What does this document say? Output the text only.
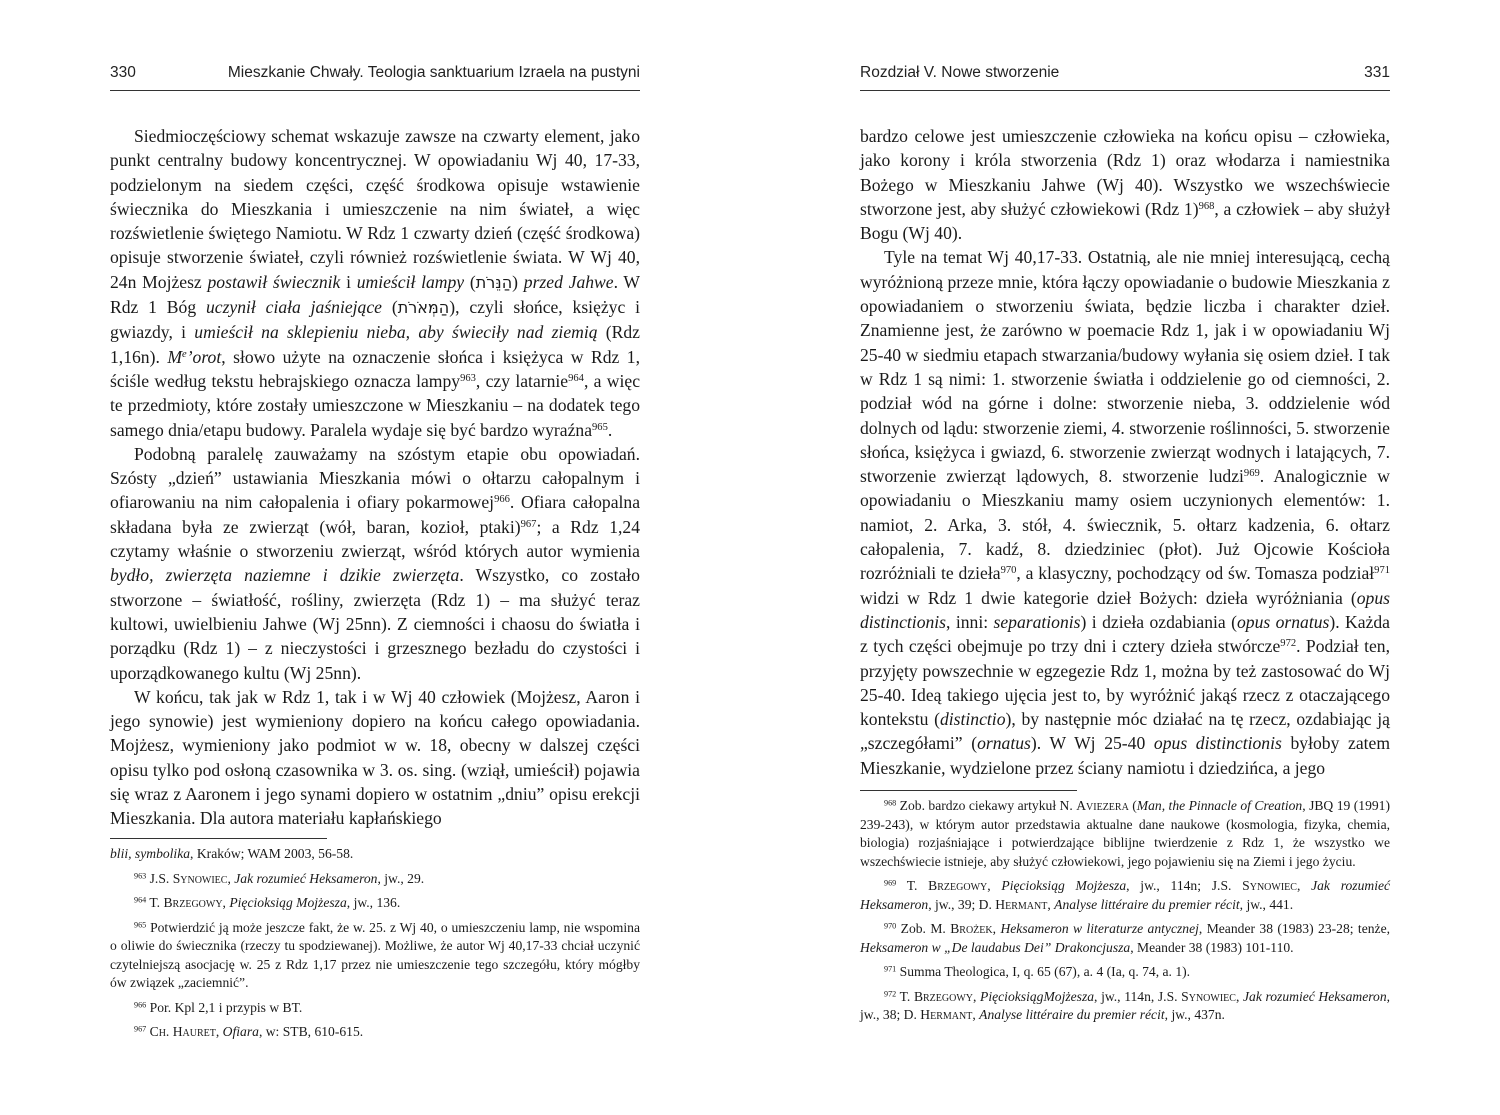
330	Mieszkanie Chwały. Teologia sanktuarium Izraela na pustyni

Siedmioczęściowy schemat wskazuje zawsze na czwarty element, jako punkt centralny budowy koncentrycznej. W opowiadaniu Wj 40, 17-33, podzielonym na siedem części, część środkowa opisuje wstawienie świecznika do Mieszkania i umieszczenie na nim świateł, a więc rozświetlenie świętego Namiotu. W Rdz 1 czwarty dzień (część środkowa) opisuje stworzenie świateł, czyli również rozświetlenie świata. W Wj 40, 24n Mojżesz postawił świecznik i umieścił lampy (הַנֵּרֹת) przed Jahwe. W Rdz 1 Bóg uczynił ciała jaśniejące (הַמְּאֹרֹת), czyli słońce, księżyc i gwiazdy, i umieścił na sklepieniu nieba, aby świeciły nad ziemią (Rdz 1,16n). Me’orot, słowo użyte na oznaczenie słońca i księżyca w Rdz 1, ściśle według tekstu hebrajskiego oznacza lampy$^{963}$, czy latarnie$^{964}$, a więc te przedmioty, które zostały umieszczone w Mieszkaniu – na dodatek tego samego dnia/etapu budowy. Paralela wydaje się być bardzo wyraźna$^{965}$.

Podobną paralelę zauważamy na szóstym etapie obu opowiadań. Szósty „dzień” ustawiania Mieszkania mówi o ołtarzu całopalnym i ofiarowaniu na nim całopalenia i ofiary pokarmowej$^{966}$. Ofiara całopalna składana była ze zwierząt (wół, baran, kozioł, ptaki)$^{967}$; a Rdz 1,24 czytamy właśnie o stworzeniu zwierząt, wśród których autor wymienia bydło, zwierzęta naziemne i dzikie zwierzęta. Wszystko, co zostało stworzone – światłość, rośliny, zwierzęta (Rdz 1) – ma służyć teraz kultowi, uwielbieniu Jahwe (Wj 25nn). Z ciemności i chaosu do światła i porządku (Rdz 1) – z nieczystości i grzesznego bezładu do czystości i uporządkowanego kultu (Wj 25nn).

W końcu, tak jak w Rdz 1, tak i w Wj 40 człowiek (Mojżesz, Aaron i jego synowie) jest wymieniony dopiero na końcu całego opowiadania. Mojżesz, wymieniony jako podmiot w w. 18, obecny w dalszej części opisu tylko pod osłoną czasownika w 3. os. sing. (wziął, umieścił) pojawia się wraz z Aaronem i jego synami dopiero w ostatnim „dniu” opisu erekcji Mieszkania. Dla autora materiału kapłańskiego

blii, symbolika, Kraków; WAM 2003, 56-58.

$^{963}$ J.S. Synowiec, Jak rozumieć Heksameron, jw., 29.

$^{964}$ T. Brzegowy, Pięcioksiąg Mojżesza, jw., 136.

$^{965}$ Potwierdzić ją może jeszcze fakt, że w. 25. z Wj 40, o umieszczeniu lamp, nie wspomina o oliwie do świecznika (rzeczy tu spodziewanej). Możliwe, że autor Wj 40,17-33 chciał uczynić czytelniejszą asocjację w. 25 z Rdz 1,17 przez nie umieszczenie tego szczegółu, który mógłby ów związek „zaciemnić”.

$^{966}$ Por. Kpl 2,1 i przypis w BT.

$^{967}$ Ch. Hauret, Ofiara, w: STB, 610-615.

Rozdział V. Nowe stworzenie	331

bardzo celowe jest umieszczenie człowieka na końcu opisu – człowieka, jako korony i króla stworzenia (Rdz 1) oraz włodarza i namiestnika Bożego w Mieszkaniu Jahwe (Wj 40). Wszystko we wszechświecie stworzone jest, aby służyć człowiekowi (Rdz 1)$^{968}$, a człowiek – aby służył Bogu (Wj 40).

Tyle na temat Wj 40,17-33. Ostatnią, ale nie mniej interesującą, cechą wyróżnioną przeze mnie, która łączy opowiadanie o budowie Mieszkania z opowiadaniem o stworzeniu świata, będzie liczba i charakter dzieł. Znamienne jest, że zarówno w poemacie Rdz 1, jak i w opowiadaniu Wj 25-40 w siedmiu etapach stwarzania/budowy wyłania się osiem dzieł. I tak w Rdz 1 są nimi: 1. stworzenie światła i oddzielenie go od ciemności, 2. podział wód na górne i dolne: stworzenie nieba, 3. oddzielenie wód dolnych od lądu: stworzenie ziemi, 4. stworzenie roślinności, 5. stworzenie słońca, księżyca i gwiazd, 6. stworzenie zwierząt wodnych i latających, 7. stworzenie zwierząt lądowych, 8. stworzenie ludzi$^{969}$. Analogicznie w opowiadaniu o Mieszkaniu mamy osiem uczynionych elementów: 1. namiot, 2. Arka, 3. stół, 4. świecznik, 5. ołtarz kadzenia, 6. ołtarz całopalenia, 7. kadź, 8. dziedziniec (płot). Już Ojcowie Kościoła rozróżniali te dzieła$^{970}$, a klasyczny, pochodzący od św. Tomasza podział$^{971}$ widzi w Rdz 1 dwie kategorie dzieł Bożych: dzieła wyróżniania (opus distinctionis, inni: separationis) i dzieła ozdabiania (opus ornatus). Każda z tych części obejmuje po trzy dni i cztery dzieła stwórcze$^{972}$. Podział ten, przyjęty powszechnie w egzegezie Rdz 1, można by też zastosować do Wj 25-40. Ideą takiego ujęcia jest to, by wyróżnić jakąś rzecz z otaczającego kontekstu (distinctio), by następnie móc działać na tę rzecz, ozdabiając ją „szczegółami” (ornatus). W Wj 25-40 opus distinctionis byłoby zatem Mieszkanie, wydzielone przez ściany namiotu i dziedzińca, a jego

$^{968}$ Zob. bardzo ciekawy artykuł N. Aviezera (Man, the Pinnacle of Creation, JBQ 19 (1991) 239-243), w którym autor przedstawia aktualne dane naukowe (kosmologia, fizyka, chemia, biologia) rozjaśniające i potwierdzające biblijne twierdzenie z Rdz 1, że wszystko we wszechświecie istnieje, aby służyć człowiekowi, jego pojawieniu się na Ziemi i jego życiu.

$^{969}$ T. Brzegowy, Pięcioksiąg Mojżesza, jw., 114n; J.S. Synowiec, Jak rozumieć Heksameron, jw., 39; D. Hermant, Analyse littéraire du premier récit, jw., 441.

$^{970}$ Zob. M. Brożek, Heksameron w literaturze antycznej, Meander 38 (1983) 23-28; tenże, Heksameron w „De laudabus Dei” Drakoncjusza, Meander 38 (1983) 101-110.

$^{971}$ Summa Theologica, I, q. 65 (67), a. 4 (Ia, q. 74, a. 1).

$^{972}$ T. Brzegowy, PięcioksiągMojżesza, jw., 114n, J.S. Synowiec, Jak rozumieć Heksameron, jw., 38; D. Hermant, Analyse littéraire du premier récit, jw., 437n.
